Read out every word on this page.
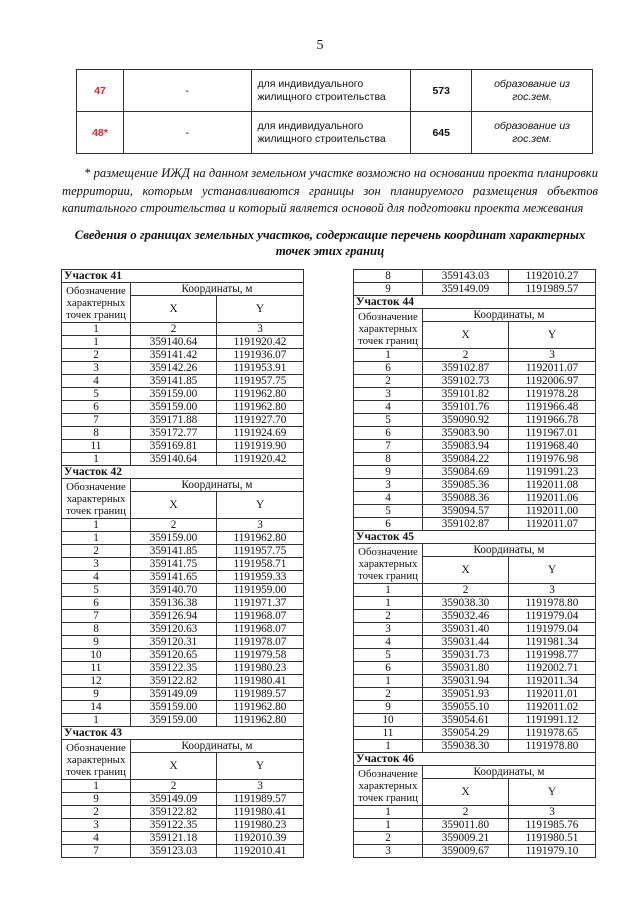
5
47	-	для индивидуального жилищного строительства	573	образование из гос.зем.
48*	-	для индивидуального жилищного строительства	645	образование из гос.зем.

* размещение ИЖД на данном земельном участке возможно на основании проекта планировки территории, которым устанавливаются границы зон планируемого размещения объектов капитального строительства и который является основой для подготовки проекта межевания

Сведения о границах земельных участков, содержащие перечень координат характерных точек этих границ
Участок 41		
Обозначение характерных точек границ	Координаты, м	
	X	Y
1	2	3
1	359140.64	1191920.42
2	359141.42	1191936.07
3	359142.26	1191953.91
4	359141.85	1191957.75
5	359159.00	1191962.80
6	359159.00	1191962.80
7	359171.88	1191927.70
8	359172.77	1191924.69
11	359169.81	1191919.90
1	359140.64	1191920.42
Участок 42		
Обозначение характерных точек границ	Координаты, м	
	X	Y
1	2	3
1	359159.00	1191962.80
2	359141.85	1191957.75
3	359141.75	1191958.71
4	359141.65	1191959.33
5	359140.70	1191959.00
6	359136.38	1191971.37
7	359126.94	1191968.07
8	359120.63	1191968.07
9	359120.31	1191978.07
10	359120.65	1191979.58
11	359122.35	1191980.23
12	359122.82	1191980.41
9	359149.09	1191989.57
14	359159.00	1191962.80
1	359159.00	1191962.80
Участок 43		
Обозначение характерных точек границ	Координаты, м	
	X	Y
1	2	3
9	359149.09	1191989.57
2	359122.82	1191980.41
3	359122.35	1191980.23
4	359121.18	1192010.39
7	359123.03	1192010.41
8	359143.03	1192010.27
9	359149.09	1191989.57
Участок 44		
Обозначение характерных точек границ	Координаты, м	
	X	Y
1	2	3
6	359102.87	1192011.07
2	359102.73	1192006.97
3	359101.82	1191978.28
4	359101.76	1191966.48
5	359090.92	1191966.78
6	359083.90	1191967.01
7	359083.94	1191968.40
8	359084.22	1191976.98
9	359084.69	1191991.23
3	359085.36	1192011.08
4	359088.36	1192011.06
5	359094.57	1192011.00
6	359102.87	1192011.07
Участок 45		
Обозначение характерных точек границ	Координаты, м	
	X	Y
1	2	3
1	359038.30	1191978.80
2	359032.46	1191979.04
3	359031.40	1191979.04
4	359031.44	1191981.34
5	359031.73	1191998.77
6	359031.80	1192002.71
1	359031.94	1192011.34
2	359051.93	1192011.01
9	359055.10	1192011.02
10	359054.61	1191991.12
11	359054.29	1191978.65
1	359038.30	1191978.80
Участок 46		
Обозначение характерных точек границ	Координаты, м	
	X	Y
1	2	3
1	359011.80	1191985.76
2	359009.21	1191980.51
3	359009.67	1191979.10
